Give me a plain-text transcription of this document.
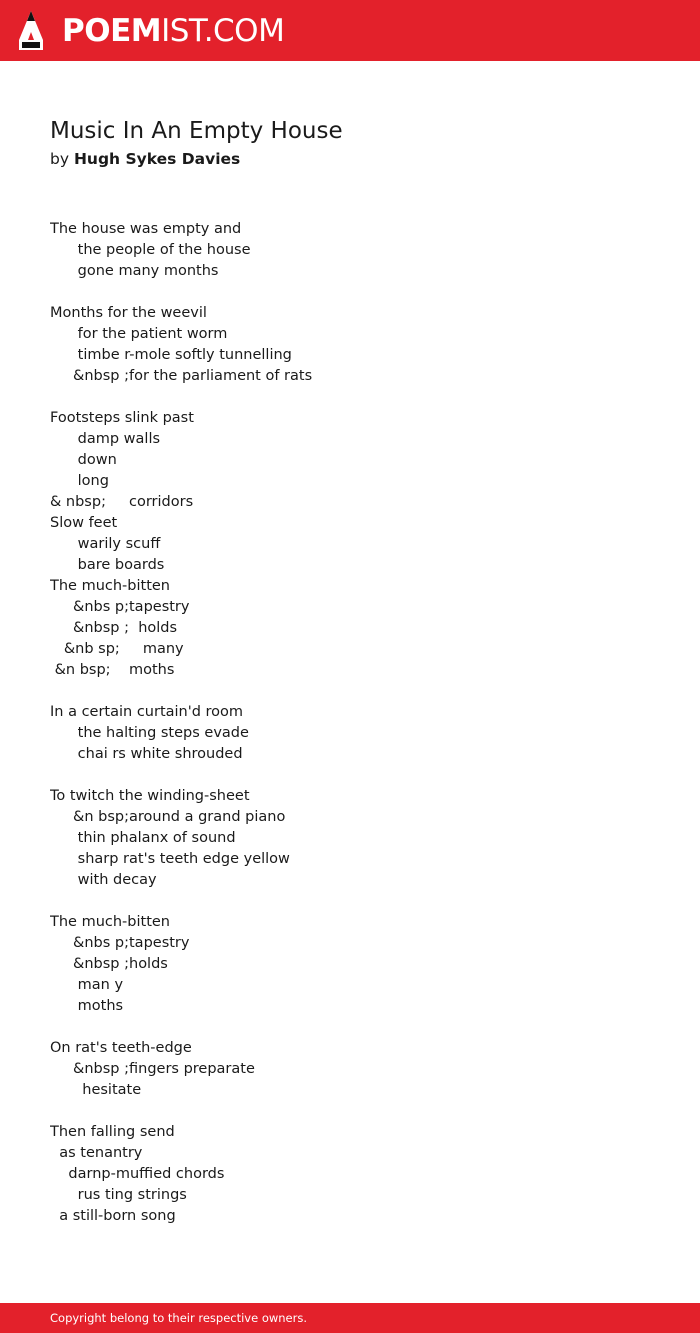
POEMIST.COM
Music In An Empty House
by Hugh Sykes Davies
The house was empty and
the people of the house
gone many months
Months for the weevil
for the patient worm
timbe r-mole softly tunnelling
&nbsp ;for the parliament of rats
Footsteps slink past
damp walls
down
long
& nbsp;     corridors
Slow feet
warily scuff
bare boards
The much-bitten
&nbs p;tapestry
&nbsp ;  holds
&nb sp;     many
&n bsp;    moths
In a certain curtain'd room
the halting steps evade
chai rs white shrouded
To twitch the winding-sheet
&n bsp;around a grand piano
thin phalanx of sound
sharp rat's teeth edge yellow
with decay
The much-bitten
&nbs p;tapestry
&nbsp ;holds
man y
moths
On rat's teeth-edge
&nbsp ;fingers preparate
hesitate
Then falling send
as tenantry
darnp-muffied chords
rus ting strings
a still-born song
Copyright belong to their respective owners.
